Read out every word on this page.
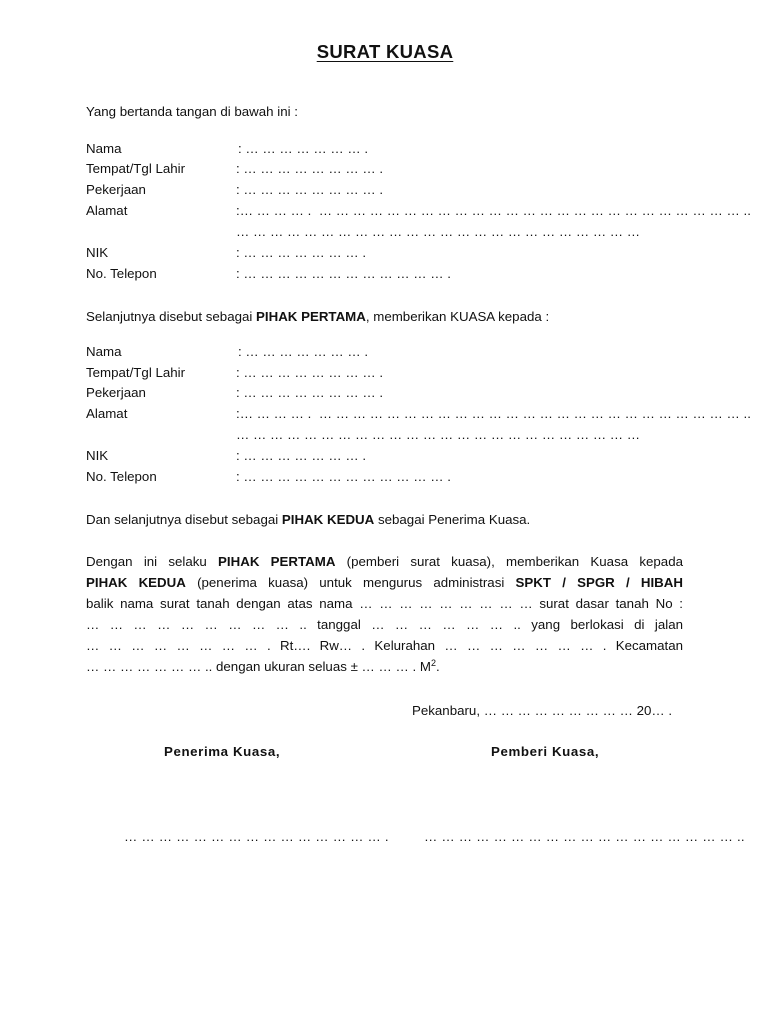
SURAT KUASA
Yang bertanda tangan di bawah ini :
Nama	: … … … … … … … .
Tempat/Tgl Lahir	: … … … … … … … … .
Pekerjaan	: … … … … … … … … .
Alamat	:… … … … .  … … … … … … … … … … … … … … … … … … … … … … … … … ..
… … … … … … … … … … … … … … … … … … … … … … … …
NIK	: … … … … … … … .
No. Telepon	: … … … … … … … … … … … … .
Selanjutnya disebut sebagai PIHAK PERTAMA, memberikan KUASA kepada :
Nama	: … … … … … … … .
Tempat/Tgl Lahir	: … … … … … … … … .
Pekerjaan	: … … … … … … … … .
Alamat	:… … … … .  … … … … … … … … … … … … … … … … … … … … … … … … … ..
… … … … … … … … … … … … … … … … … … … … … … … …
NIK	: … … … … … … … .
No. Telepon	: … … … … … … … … … … … … .
Dan selanjutnya disebut sebagai PIHAK KEDUA sebagai Penerima Kuasa.
Dengan ini selaku PIHAK PERTAMA (pemberi surat kuasa), memberikan Kuasa kepada
PIHAK KEDUA (penerima kuasa) untuk mengurus administrasi SPKT / SPGR / HIBAH
balik nama surat tanah dengan atas nama … … … … … … … … … surat dasar tanah No :
… … … … … … … … … .. tanggal … … … … … … .. yang berlokasi di jalan
… … … … … … … … . Rt…. Rw… . Kelurahan … … … … … … … . Kecamatan
… … … … … … … .. dengan ukuran seluas ± … … … . $M^2$.
Pekanbaru, … … … … … … … … … 20… .
Penerima Kuasa,	Pemberi Kuasa,
… … … … … … … … … … … … … … … .	… … … … … … … … … … … … … … … … … … ..
